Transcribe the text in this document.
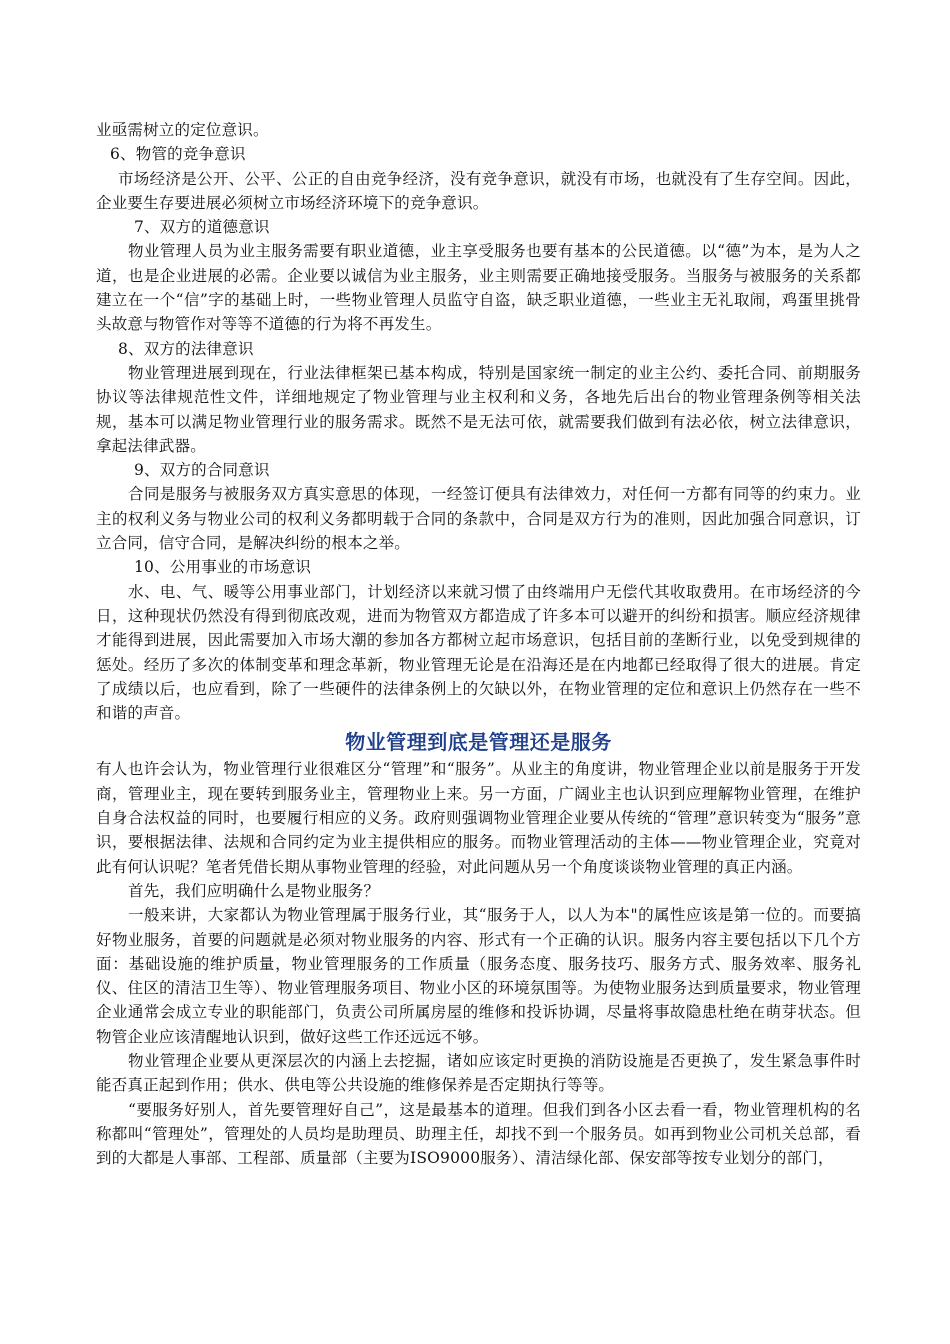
业亟需树立的定位意识。

6、物管的竞争意识

市场经济是公开、公平、公正的自由竞争经济，没有竞争意识，就没有市场，也就没有了生存空间。因此，企业要生存要进展必须树立市场经济环境下的竞争意识。

7、双方的道德意识

物业管理人员为业主服务需要有职业道德，业主享受服务也要有基本的公民道德。以“德”为本，是为人之道，也是企业进展的必需。企业要以诚信为业主服务，业主则需要正确地接受服务。当服务与被服务的关系都建立在一个“信”字的基础上时，一些物业管理人员监守自盗，缺乏职业道德，一些业主无礼取闹，鸡蛋里挑骨头故意与物管作对等等不道德的行为将不再发生。

8、双方的法律意识

物业管理进展到现在，行业法律框架已基本构成，特别是国家统一制定的业主公约、委托合同、前期服务协议等法律规范性文件，详细地规定了物业管理与业主权利和义务，各地先后出台的物业管理条例等相关法规，基本可以满足物业管理行业的服务需求。既然不是无法可依，就需要我们做到有法必依，树立法律意识，拿起法律武器。

9、双方的合同意识

合同是服务与被服务双方真实意思的体现，一经签订便具有法律效力，对任何一方都有同等的约束力。业主的权利义务与物业公司的权利义务都明载于合同的条款中，合同是双方行为的准则，因此加强合同意识，订立合同，信守合同，是解决纠纷的根本之举。

10、公用事业的市场意识

水、电、气、暖等公用事业部门，计划经济以来就习惯了由终端用户无偿代其收取费用。在市场经济的今日，这种现状仍然没有得到彻底改观，进而为物管双方都造成了许多本可以避开的纠纷和损害。顺应经济规律才能得到进展，因此需要加入市场大潮的参加各方都树立起市场意识，包括目前的垄断行业，以免受到规律的惩处。经历了多次的体制变革和理念革新，物业管理无论是在沿海还是在内地都已经取得了很大的进展。肯定了成绩以后，也应看到，除了一些硬件的法律条例上的欠缺以外，在物业管理的定位和意识上仍然存在一些不和谐的声音。

物业管理到底是管理还是服务

有人也许会认为，物业管理行业很难区分“管理”和“服务”。从业主的角度讲，物业管理企业以前是服务于开发商，管理业主，现在要转到服务业主，管理物业上来。另一方面，广阔业主也认识到应理解物业管理，在维护自身合法权益的同时，也要履行相应的义务。政府则强调物业管理企业要从传统的“管理”意识转变为“服务”意识，要根据法律、法规和合同约定为业主提供相应的服务。而物业管理活动的主体——物业管理企业，究竟对此有何认识呢？笔者凭借长期从事物业管理的经验，对此问题从另一个角度谈谈物业管理的真正内涵。

首先，我们应明确什么是物业服务？

一般来讲，大家都认为物业管理属于服务行业，其“服务于人，以人为本"的属性应该是第一位的。而要搞好物业服务，首要的问题就是必须对物业服务的内容、形式有一个正确的认识。服务内容主要包括以下几个方面：基础设施的维护质量，物业管理服务的工作质量（服务态度、服务技巧、服务方式、服务效率、服务礼仪、住区的清洁卫生等）、物业管理服务项目、物业小区的环境氛围等。为使物业服务达到质量要求，物业管理企业通常会成立专业的职能部门，负责公司所属房屋的维修和投诉协调，尽量将事故隐患杜绝在萌芽状态。但物管企业应该清醒地认识到，做好这些工作还远远不够。

物业管理企业要从更深层次的内涵上去挖掘，诸如应该定时更换的消防设施是否更换了，发生紧急事件时能否真正起到作用；供水、供电等公共设施的维修保养是否定期执行等等。

“要服务好别人，首先要管理好自己”，这是最基本的道理。但我们到各小区去看一看，物业管理机构的名称都叫“管理处”，管理处的人员均是助理员、助理主任，却找不到一个服务员。如再到物业公司机关总部，看到的大都是人事部、工程部、质量部（主要为ISO9000服务）、清洁绿化部、保安部等按专业划分的部门，
